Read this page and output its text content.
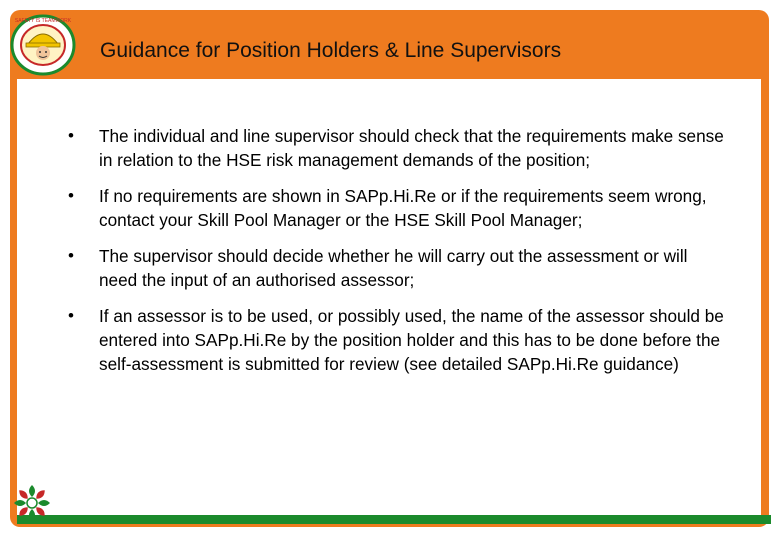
SAFETY IS TEAMWORK
Guidance for Position Holders & Line Supervisors
• The individual and line supervisor should check that the requirements make sense in relation to the HSE risk management demands of the position;
• If no requirements are shown in SAPp.Hi.Re or if the requirements seem wrong, contact your Skill Pool Manager or the HSE Skill Pool Manager;
• The supervisor should decide whether he will carry out the assessment or will need the input of an authorised assessor;
• If an assessor is to be used, or possibly used, the name of the assessor should be entered into SAPp.Hi.Re by the position holder and this has to be done before the self-assessment is submitted for review (see detailed SAPp.Hi.Re guidance)
